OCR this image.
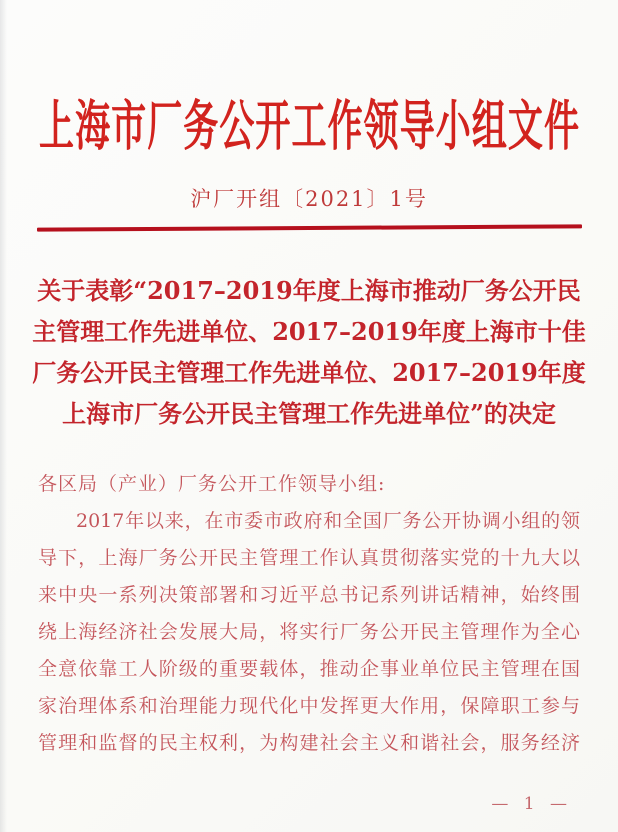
上海市厂务公开工作领导小组文件
沪厂开组〔2021〕1号
关于表彰“2017–2019年度上海市推动厂务公开民
主管理工作先进单位、2017–2019年度上海市十佳
厂务公开民主管理工作先进单位、2017–2019年度
上海市厂务公开民主管理工作先进单位”的决定
各区局（产业）厂务公开工作领导小组:
2017年以来，在市委市政府和全国厂务公开协调小组的领
导下，上海厂务公开民主管理工作认真贯彻落实党的十九大以
来中央一系列决策部署和习近平总书记系列讲话精神，始终围
绕上海经济社会发展大局，将实行厂务公开民主管理作为全心
全意依靠工人阶级的重要载体，推动企事业单位民主管理在国
家治理体系和治理能力现代化中发挥更大作用，保障职工参与
管理和监督的民主权利，为构建社会主义和谐社会，服务经济
— 1 —
